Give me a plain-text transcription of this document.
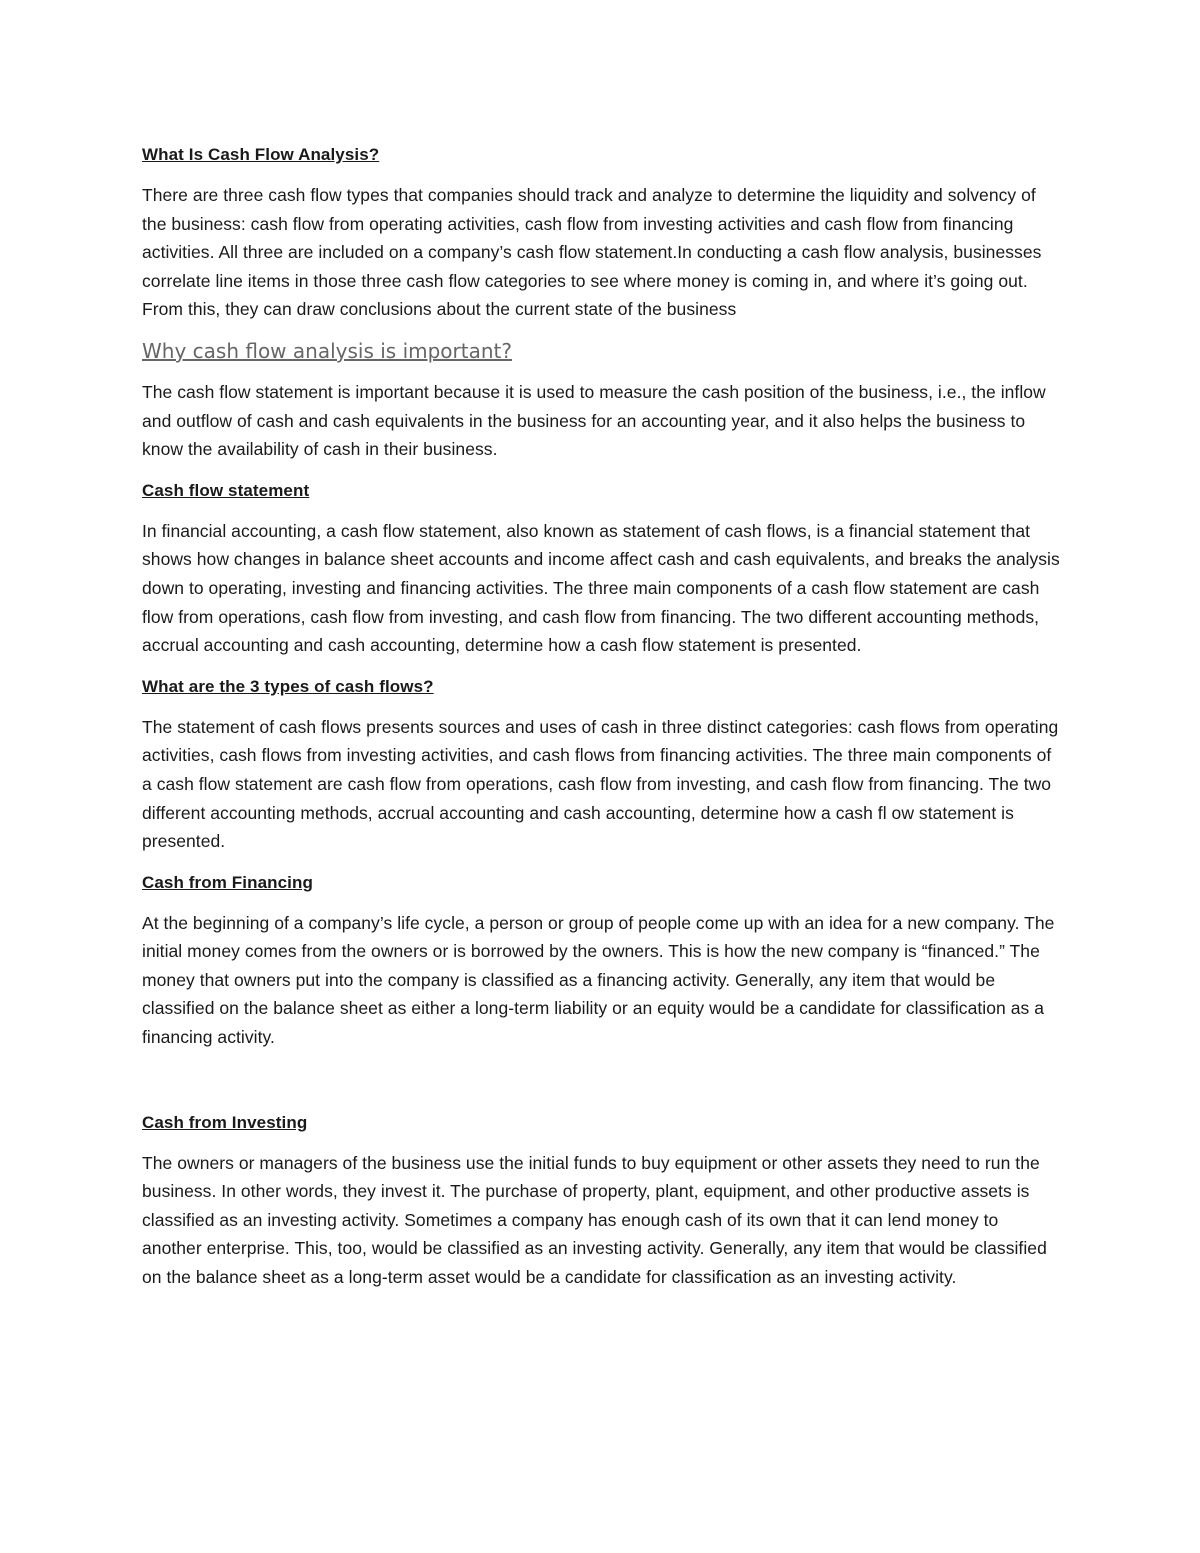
What Is Cash Flow Analysis?
There are three cash flow types that companies should track and analyze to determine the liquidity and solvency of the business: cash flow from operating activities, cash flow from investing activities and cash flow from financing activities. All three are included on a company’s cash flow statement.In conducting a cash flow analysis, businesses correlate line items in those three cash flow categories to see where money is coming in, and where it’s going out. From this, they can draw conclusions about the current state of the business
Why cash flow analysis is important?
The cash flow statement is important because it is used to measure the cash position of the business, i.e., the inflow and outflow of cash and cash equivalents in the business for an accounting year, and it also helps the business to know the availability of cash in their business.
Cash flow statement
In financial accounting, a cash flow statement, also known as statement of cash flows, is a financial statement that shows how changes in balance sheet accounts and income affect cash and cash equivalents, and breaks the analysis down to operating, investing and financing activities. The three main components of a cash flow statement are cash flow from operations, cash flow from investing, and cash flow from financing. The two different accounting methods, accrual accounting and cash accounting, determine how a cash flow statement is presented.
What are the 3 types of cash flows?
The statement of cash flows presents sources and uses of cash in three distinct categories: cash flows from operating activities, cash flows from investing activities, and cash flows from financing activities. The three main components of a cash flow statement are cash flow from operations, cash flow from investing, and cash flow from financing. The two different accounting methods, accrual accounting and cash accounting, determine how a cash fl ow statement is presented.
Cash from Financing
At the beginning of a company’s life cycle, a person or group of people come up with an idea for a new company. The initial money comes from the owners or is borrowed by the owners. This is how the new company is “financed.” The money that owners put into the company is classified as a financing activity. Generally, any item that would be classified on the balance sheet as either a long-term liability or an equity would be a candidate for classification as a financing activity.
Cash from Investing
The owners or managers of the business use the initial funds to buy equipment or other assets they need to run the business. In other words, they invest it. The purchase of property, plant, equipment, and other productive assets is classified as an investing activity. Sometimes a company has enough cash of its own that it can lend money to another enterprise. This, too, would be classified as an investing activity. Generally, any item that would be classified on the balance sheet as a long-term asset would be a candidate for classification as an investing activity.
